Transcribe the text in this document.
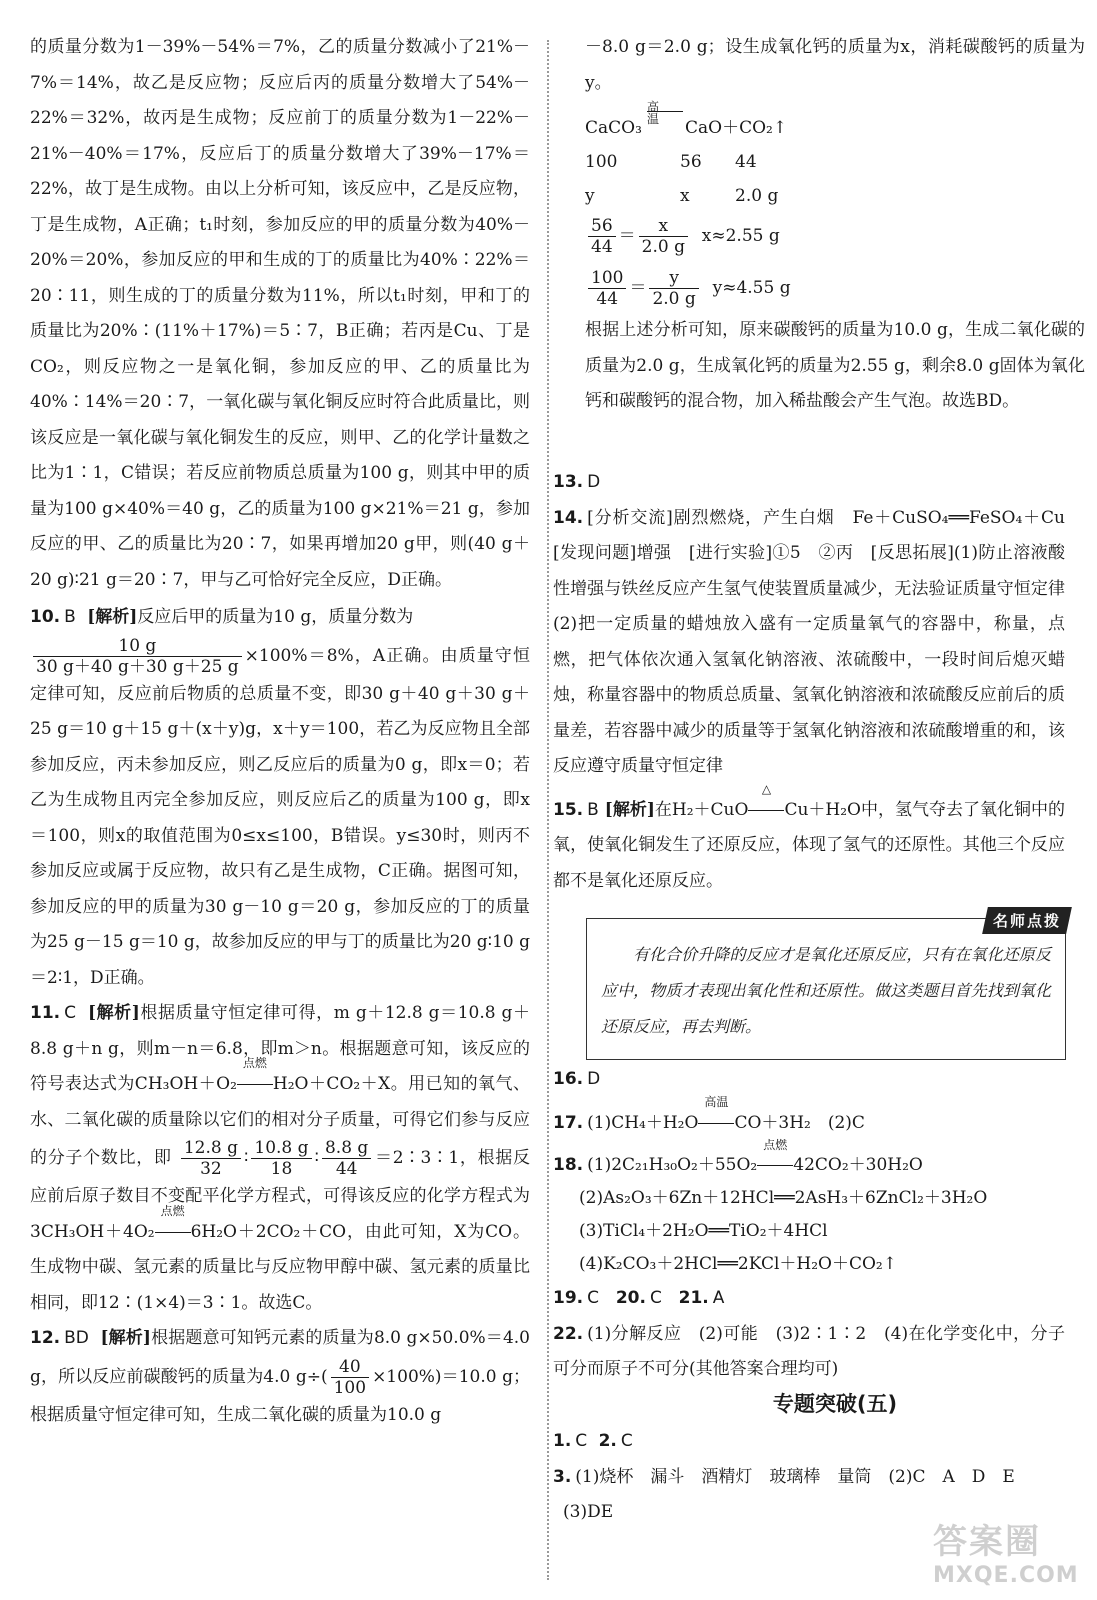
的质量分数为1－39%－54%＝7%，乙的质量分数减小了21%－7%＝14%，故乙是反应物；反应后丙的质量分数增大了54%－22%＝32%，故丙是生成物；反应前丁的质量分数为1－22%－21%－40%＝17%，反应后丁的质量分数增大了39%－17%＝22%，故丁是生成物。由以上分析可知，该反应中，乙是反应物，丁是生成物，A正确；t₁时刻，参加反应的甲的质量分数为40%－20%＝20%，参加反应的甲和生成的丁的质量比为40%∶22%＝20∶11，则生成的丁的质量分数为11%，所以t₁时刻，甲和丁的质量比为20%∶(11%＋17%)＝5∶7，B正确；若丙是Cu、丁是CO₂，则反应物之一是氧化铜，参加反应的甲、乙的质量比为40%∶14%＝20∶7，一氧化碳与氧化铜反应时符合此质量比，则该反应是一氧化碳与氧化铜发生的反应，则甲、乙的化学计量数之比为1∶1，C错误；若反应前物质总质量为100 g，则其中甲的质量为100 g×40%＝40 g，乙的质量为100 g×21%＝21 g，参加反应的甲、乙的质量比为20∶7，如果再增加20 g甲，则(40 g＋20 g)∶21 g＝20∶7，甲与乙可恰好完全反应，D正确。

10. B [解析]反应后甲的质量为10 g，质量分数为

$\frac{10 g}{30 g+40 g+30 g+25 g} \times 100\%=8\%$，A正确。由质量守恒定律可知，反应前后物质的总质量不变，即30 g＋40 g＋30 g＋25 g＝10 g＋15 g＋(x＋y)g，x＋y＝100，若乙为反应物且全部参加反应，丙未参加反应，则乙反应后的质量为0 g，即x＝0；若乙为生成物且丙完全参加反应，则反应后乙的质量为100 g，即x＝100，则x的取值范围为0≤x≤100，B错误。y≤30时，则丙不参加反应或属于反应物，故只有乙是生成物，C正确。据图可知，参加反应的甲的质量为30 g－10 g＝20 g，参加反应的丁的质量为25 g－15 g＝10 g，故参加反应的甲与丁的质量比为20 g∶10 g＝2∶1，D正确。

11. C [解析]根据质量守恒定律可得，m g＋12.8 g＝10.8 g＋8.8 g＋n g，则m－n＝6.8，即m＞n。根据题意可知，该反应的符号表达式为CH₃OH＋O₂
点燃
H₂O＋CO₂＋X。用已知的氧气、水、二氧化碳的质量除以它们的相对分子质量，可得它们参与反应的分子个数比，即 $\frac{12.8 g}{32}$ ∶ $\frac{10.8 g}{18}$ ∶ $\frac{8.8 g}{44}$ ＝2∶3∶1，根据反应前后原子数目不变配平化学方程式，可得该反应的化学方程式为3CH₃OH＋4O₂
点燃
6H₂O＋2CO₂＋CO，由此可知，X为CO。生成物中碳、氢元素的质量比与反应物甲醇中碳、氢元素的质量比相同，即12∶(1×4)＝3∶1。故选C。

12. BD [解析]根据题意可知钙元素的质量为8.0 g×50.0%＝4.0 g，所以反应前碳酸钙的质量为4.0 $g\div( \frac{40}{100} \times 100\%)=10.0$ g；根据质量守恒定律可知，生成二氧化碳的质量为10.0 g

－8.0 g＝2.0 g；设生成氧化钙的质量为x，消耗碳酸钙的质量为y。

CaCO₃
高温 CaO＋CO₂↑
100	56 44
y	x	2.0 g
$\frac{56}{44} = \frac{x}{2.0 g} x\approx 2.55$ g
$\frac{100}{44} = \frac{y}{2.0 g} y\approx 4.55$ g

根据上述分析可知，原来碳酸钙的质量为10.0 g，生成二氧化碳的质量为2.0 g，生成氧化钙的质量为2.55 g，剩余8.0 g固体为氧化钙和碳酸钙的混合物，加入稀盐酸会产生气泡。故选BD。

13. D

14. [分析交流]剧烈燃烧，产生白烟　Fe＋CuSO₄══FeSO₄＋Cu　[发现问题]增强　[进行实验]①5　②丙　[反思拓展](1)防止溶液酸性增强与铁丝反应产生氢气使装置质量减少，无法验证质量守恒定律　(2)把一定质量的蜡烛放入盛有一定质量氧气的容器中，称量，点燃，把气体依次通入氢氧化钠溶液、浓硫酸中，一段时间后熄灭蜡烛，称量容器中的物质总质量、氢氧化钠溶液和浓硫酸反应前后的质量差，若容器中减少的质量等于氢氧化钠溶液和浓硫酸增重的和，该反应遵守质量守恒定律

15. B [解析]在H₂＋CuO
△
Cu＋H₂O中，氢气夺去了氧化铜中的氧，使氧化铜发生了还原反应，体现了氢气的还原性。其他三个反应都不是氧化还原反应。

名师点拨

有化合价升降的反应才是氧化还原反应，只有在氧化还原反应中，物质才表现出氧化性和还原性。做这类题目首先找到氧化还原反应，再去判断。

16. D

17. (1)CH₄＋H₂O
高温
CO＋3H₂　(2)C

18. (1)2C₂₁H₃₀O₂＋55O₂
点燃
42CO₂＋30H₂O
(2)As₂O₃＋6Zn＋12HCl══2AsH₃＋6ZnCl₂＋3H₂O
(3)TiCl₄＋2H₂O══TiO₂＋4HCl
(4)K₂CO₃＋2HCl══2KCl＋H₂O＋CO₂↑

19. C 20. C 21. A

22. (1)分解反应　(2)可能　(3)2∶1∶2　(4)在化学变化中，分子可分而原子不可分(其他答案合理均可)

专题突破(五)

1. C 2. C

3. (1)烧杯　漏斗　酒精灯　玻璃棒　量筒　(2)C　A　D　E
(3)DE

答案圈
MXQE.COM
